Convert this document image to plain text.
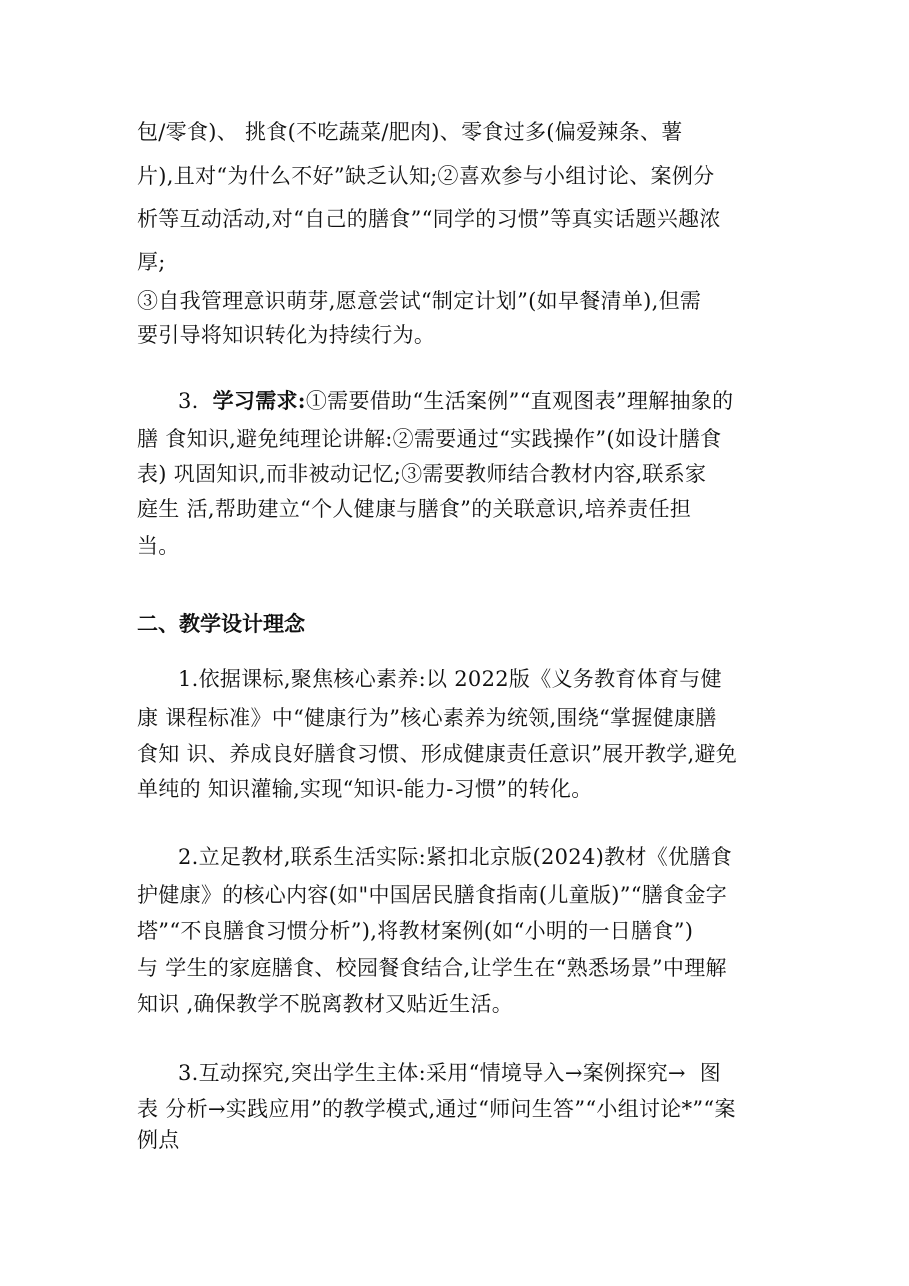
包/零食)、 挑食(不吃蔬菜/肥肉)、零食过多(偏爱辣条、薯
片),且对“为什么不好”缺乏认知;②喜欢参与小组讨论、案例分
析等互动活动,对“自己的膳食”“同学的习惯”等真实话题兴趣浓
厚;
③自我管理意识萌芽,愿意尝试“制定计划”(如早餐清单),但需
要引导将知识转化为持续行为。
3. 学习需求:①需要借助“生活案例”“直观图表”理解抽象的
膳 食知识,避免纯理论讲解:②需要通过“实践操作”(如设计膳食
表) 巩固知识,而非被动记忆;③需要教师结合教材内容,联系家
庭生 活,帮助建立“个人健康与膳食”的关联意识,培养责任担
当。
二、教学设计理念
1.依据课标,聚焦核心素养:以 2022版《义务教育体育与健
康 课程标准》中“健康行为”核心素养为统领,围绕“掌握健康膳
食知 识、养成良好膳食习惯、形成健康责任意识”展开教学,避免
单纯的 知识灌输,实现“知识-能力-习惯”的转化。
2.立足教材,联系生活实际:紧扣北京版(2024)教材《优膳食
护健康》的核心内容(如"中国居民膳食指南(儿童版)”“膳食金字
塔”“不良膳食习惯分析”),将教材案例(如“小明的一日膳食”)
与 学生的家庭膳食、校园餐食结合,让学生在“熟悉场景”中理解
知识 ,确保教学不脱离教材又贴近生活。
3.互动探究,突出学生主体:采用“情境导入→案例探究→  图
表 分析→实践应用”的教学模式,通过“师问生答”“小组讨论*”“案
例点
